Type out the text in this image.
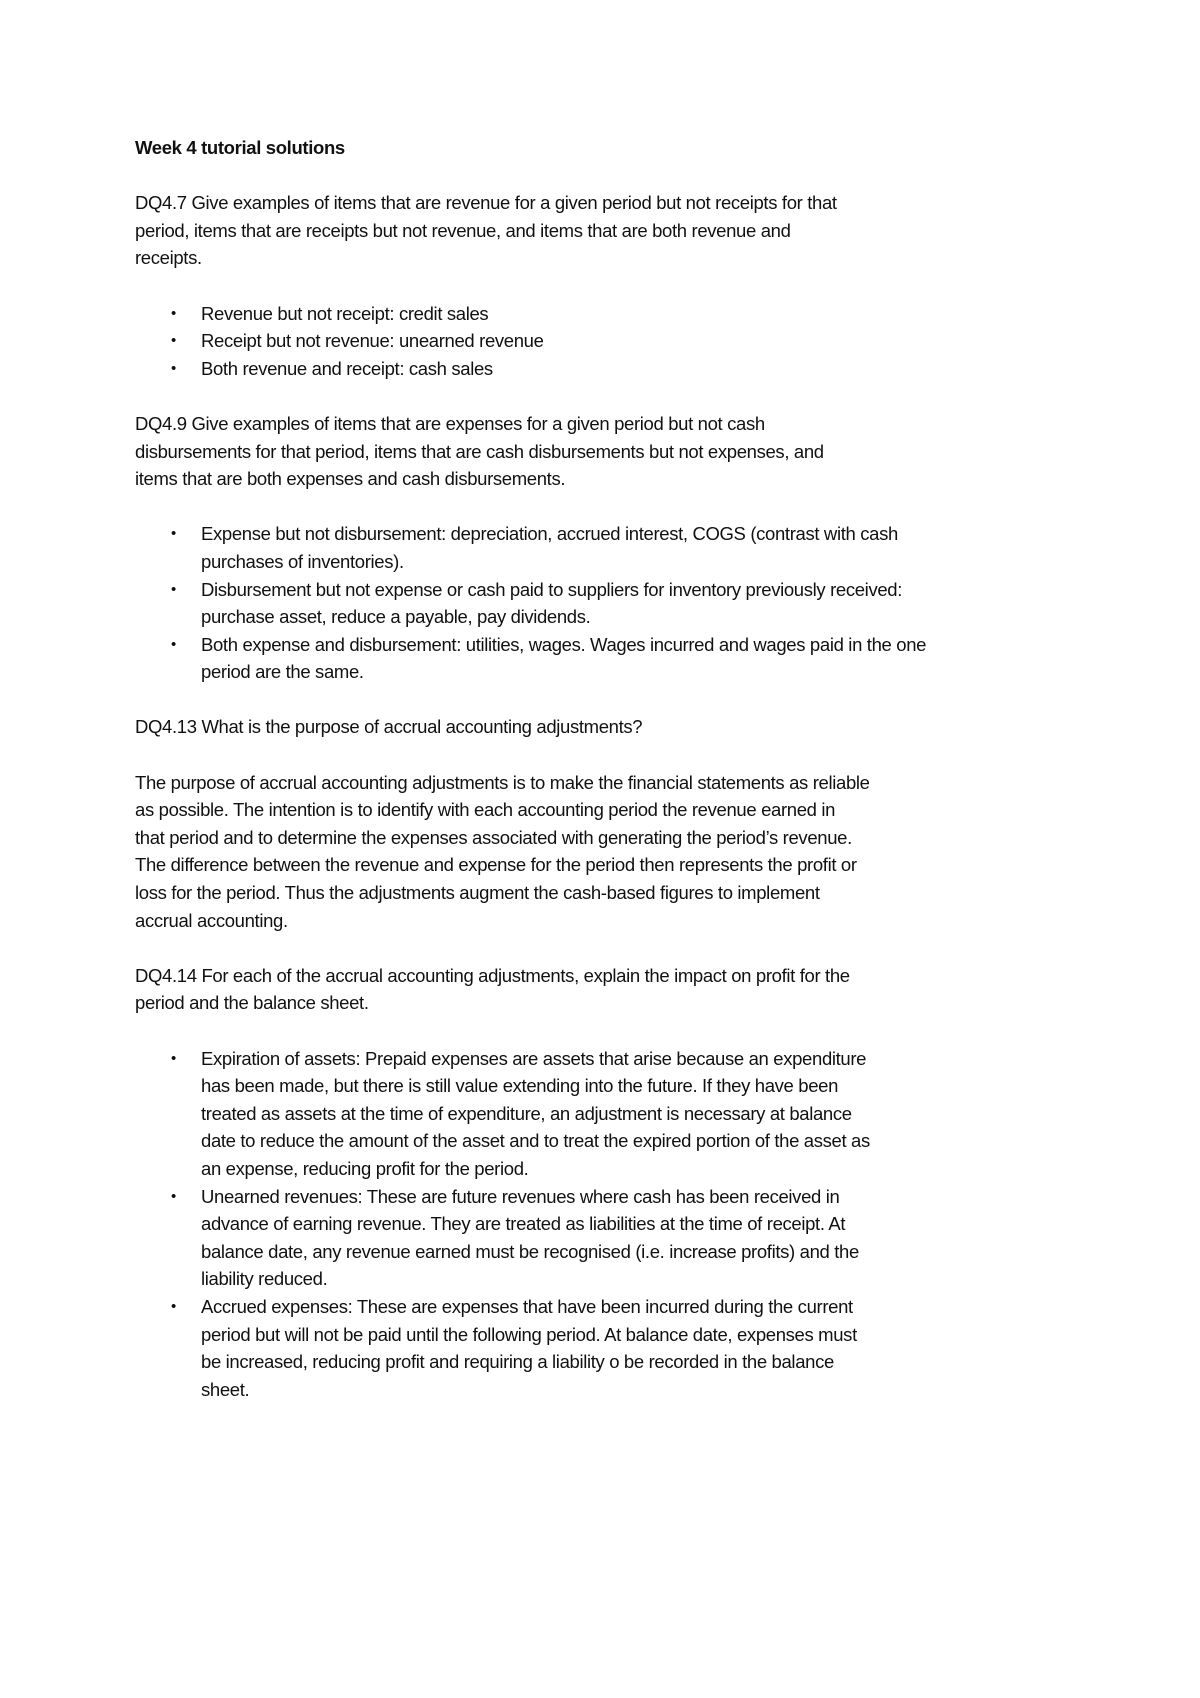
Week 4 tutorial solutions
DQ4.7 Give examples of items that are revenue for a given period but not receipts for that
period, items that are receipts but not revenue, and items that are both revenue and
receipts.
• Revenue but not receipt: credit sales
• Receipt but not revenue: unearned revenue
• Both revenue and receipt: cash sales
DQ4.9 Give examples of items that are expenses for a given period but not cash
disbursements for that period, items that are cash disbursements but not expenses, and
items that are both expenses and cash disbursements.
• Expense but not disbursement: depreciation, accrued interest, COGS (contrast with cash
purchases of inventories).
• Disbursement but not expense or cash paid to suppliers for inventory previously received:
purchase asset, reduce a payable, pay dividends.
• Both expense and disbursement: utilities, wages. Wages incurred and wages paid in the one
period are the same.
DQ4.13 What is the purpose of accrual accounting adjustments?
The purpose of accrual accounting adjustments is to make the financial statements as reliable
as possible. The intention is to identify with each accounting period the revenue earned in
that period and to determine the expenses associated with generating the period’s revenue.
The difference between the revenue and expense for the period then represents the profit or
loss for the period. Thus the adjustments augment the cash-based figures to implement
accrual accounting.
DQ4.14 For each of the accrual accounting adjustments, explain the impact on profit for the
period and the balance sheet.
• Expiration of assets: Prepaid expenses are assets that arise because an expenditure
has been made, but there is still value extending into the future. If they have been
treated as assets at the time of expenditure, an adjustment is necessary at balance
date to reduce the amount of the asset and to treat the expired portion of the asset as
an expense, reducing profit for the period.
• Unearned revenues: These are future revenues where cash has been received in
advance of earning revenue. They are treated as liabilities at the time of receipt. At
balance date, any revenue earned must be recognised (i.e. increase profits) and the
liability reduced.
• Accrued expenses: These are expenses that have been incurred during the current
period but will not be paid until the following period. At balance date, expenses must
be increased, reducing profit and requiring a liability o be recorded in the balance
sheet.
